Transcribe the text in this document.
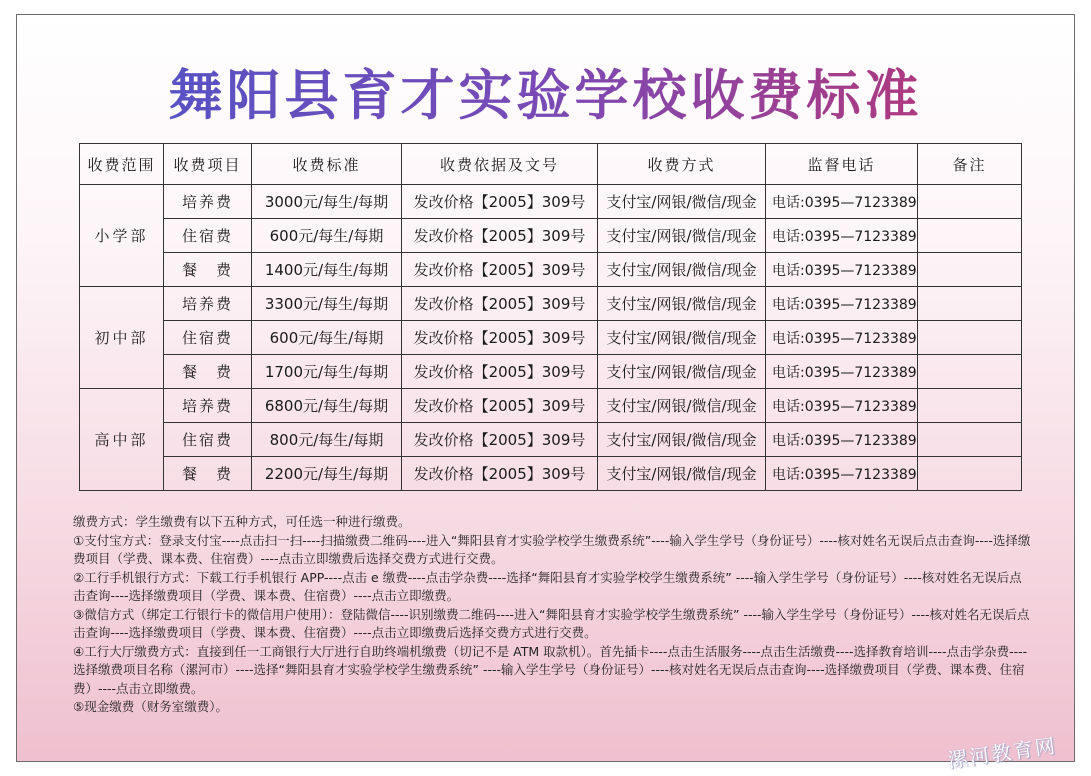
舞阳县育才实验学校收费标准
收费范围	收费项目	收费标准	收费依据及文号	收费方式	监督电话	备注
小学部	培养费	3000元/每生/每期	发改价格【2005】309号	支付宝/网银/微信/现金	电话:0395—7123389	
	住宿费	600元/每生/每期	发改价格【2005】309号	支付宝/网银/微信/现金	电话:0395—7123389	
	餐　费	1400元/每生/每期	发改价格【2005】309号	支付宝/网银/微信/现金	电话:0395—7123389	
初中部	培养费	3300元/每生/每期	发改价格【2005】309号	支付宝/网银/微信/现金	电话:0395—7123389	
	住宿费	600元/每生/每期	发改价格【2005】309号	支付宝/网银/微信/现金	电话:0395—7123389	
	餐　费	1700元/每生/每期	发改价格【2005】309号	支付宝/网银/微信/现金	电话:0395—7123389	
高中部	培养费	6800元/每生/每期	发改价格【2005】309号	支付宝/网银/微信/现金	电话:0395—7123389	
	住宿费	800元/每生/每期	发改价格【2005】309号	支付宝/网银/微信/现金	电话:0395—7123389	
	餐　费	2200元/每生/每期	发改价格【2005】309号	支付宝/网银/微信/现金	电话:0395—7123389	

缴费方式：学生缴费有以下五种方式，可任选一种进行缴费。

①支付宝方式：登录支付宝----点击扫一扫----扫描缴费二维码----进入“舞阳县育才实验学校学生缴费系统”----输入学生学号（身份证号）----核对姓名无误后点击查询----选择缴费项目（学费、课本费、住宿费）----点击立即缴费后选择交费方式进行交费。

②工行手机银行方式：下载工行手机银行 APP----点击 e 缴费----点击学杂费----选择“舞阳县育才实验学校学生缴费系统” ----输入学生学号（身份证号）----核对姓名无误后点击查询----选择缴费项目（学费、课本费、住宿费）----点击立即缴费。

③微信方式（绑定工行银行卡的微信用户使用）：登陆微信----识别缴费二维码----进入“舞阳县育才实验学校学生缴费系统” ----输入学生学号（身份证号）----核对姓名无误后点击查询----选择缴费项目（学费、课本费、住宿费）----点击立即缴费后选择交费方式进行交费。

④工行大厅缴费方式：直接到任一工商银行大厅进行自助终端机缴费（切记不是 ATM 取款机）。首先插卡----点击生活服务----点击生活缴费----选择教育培训----点击学杂费----选择缴费项目名称（漯河市）----选择“舞阳县育才实验学校学生缴费系统” ----输入学生学号（身份证号）----核对姓名无误后点击查询----选择缴费项目（学费、课本费、住宿费）----点击立即缴费。

⑤现金缴费（财务室缴费）。

漯河教育网
